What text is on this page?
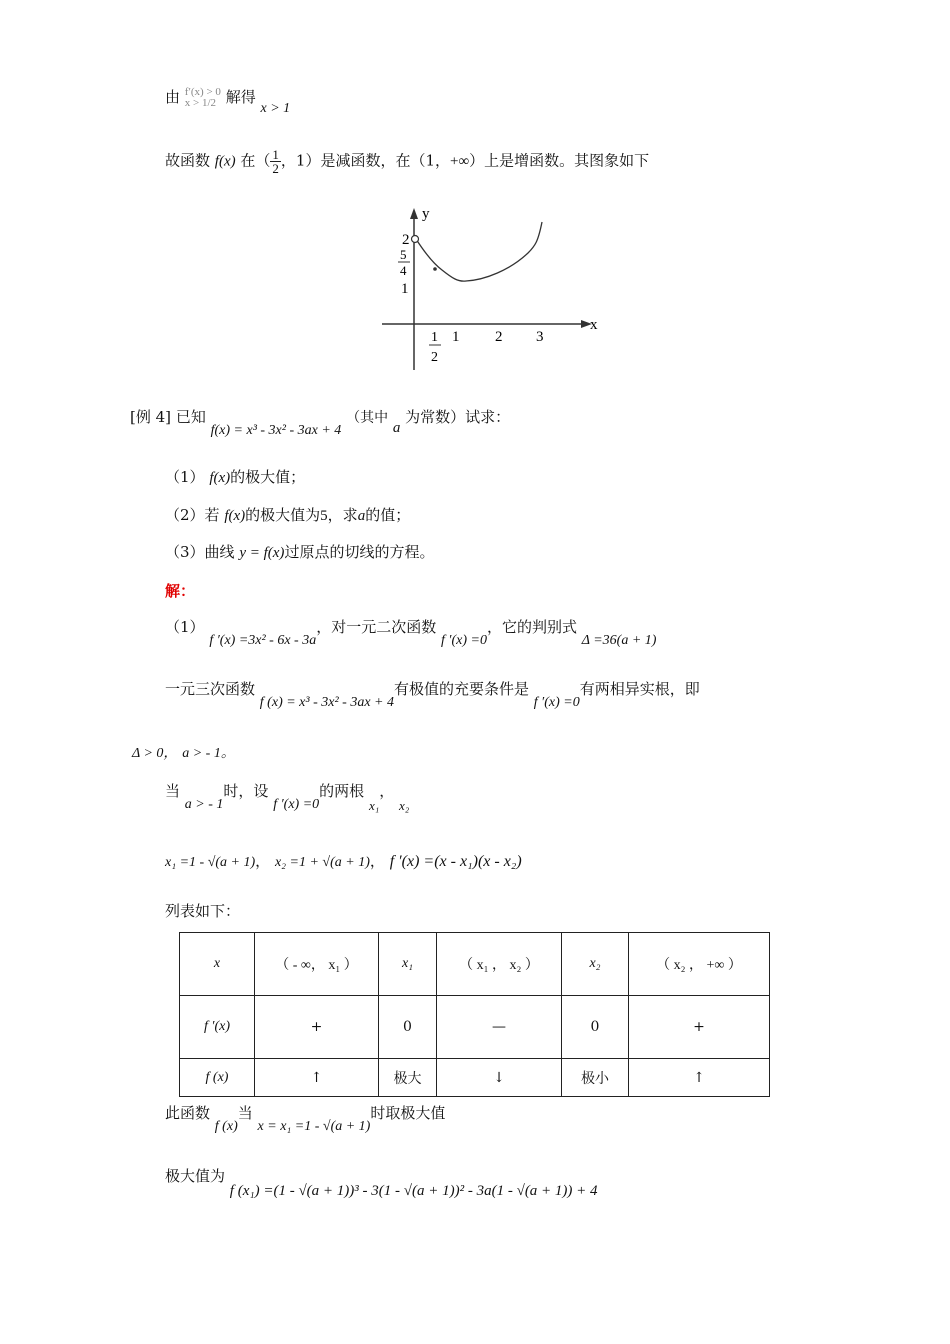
由 f′(x) > 0
x > 1/2 解得 x > 1
故函数 f(x) 在（ $\frac{1}{2}$ ，1）是减函数，在（1，+∞）上是增函数。其图象如下
y
x
2
5
4
1
1
2
1 2 3
[例 4] 已知 f(x) = x³ - 3x² - 3ax + 4 （其中 a 为常数）试求：
（1） f(x)的极大值；
（2）若 f(x)的极大值为5，求a的值；
（3）曲线 y = f(x)过原点的切线的方程。
解：
（1） f ′(x) =3x² - 6x - 3a，对一元二次函数 f ′(x) =0，它的判别式 Δ =36(a + 1)
一元三次函数 f (x) = x³ - 3x² - 3ax + 4有极值的充要条件是 f ′(x) =0有两相异实根，即
Δ > 0， a > - 1。
当 a > - 1时，设 f ′(x) =0的两根 x₁， x₂
x₁ =1 - √(a + 1)， x₂ =1 + √(a + 1)， f ′(x) =(x - x₁)(x - x₂)
列表如下：
x	（ - ∞， x₁ ）	x₁	（ x₁ ， x₂ ）	x₂	（ x₂ ， +∞ ）
f ′(x)	+	0	—	0	+
f (x)	↑	极大	↓	极小	↑
此函数 f (x)当 x = x₁ =1 - √(a + 1)时取极大值
极大值为 f (x₁) =(1 - √(a + 1))³ - 3(1 - √(a + 1))² - 3a(1 - √(a + 1)) + 4
